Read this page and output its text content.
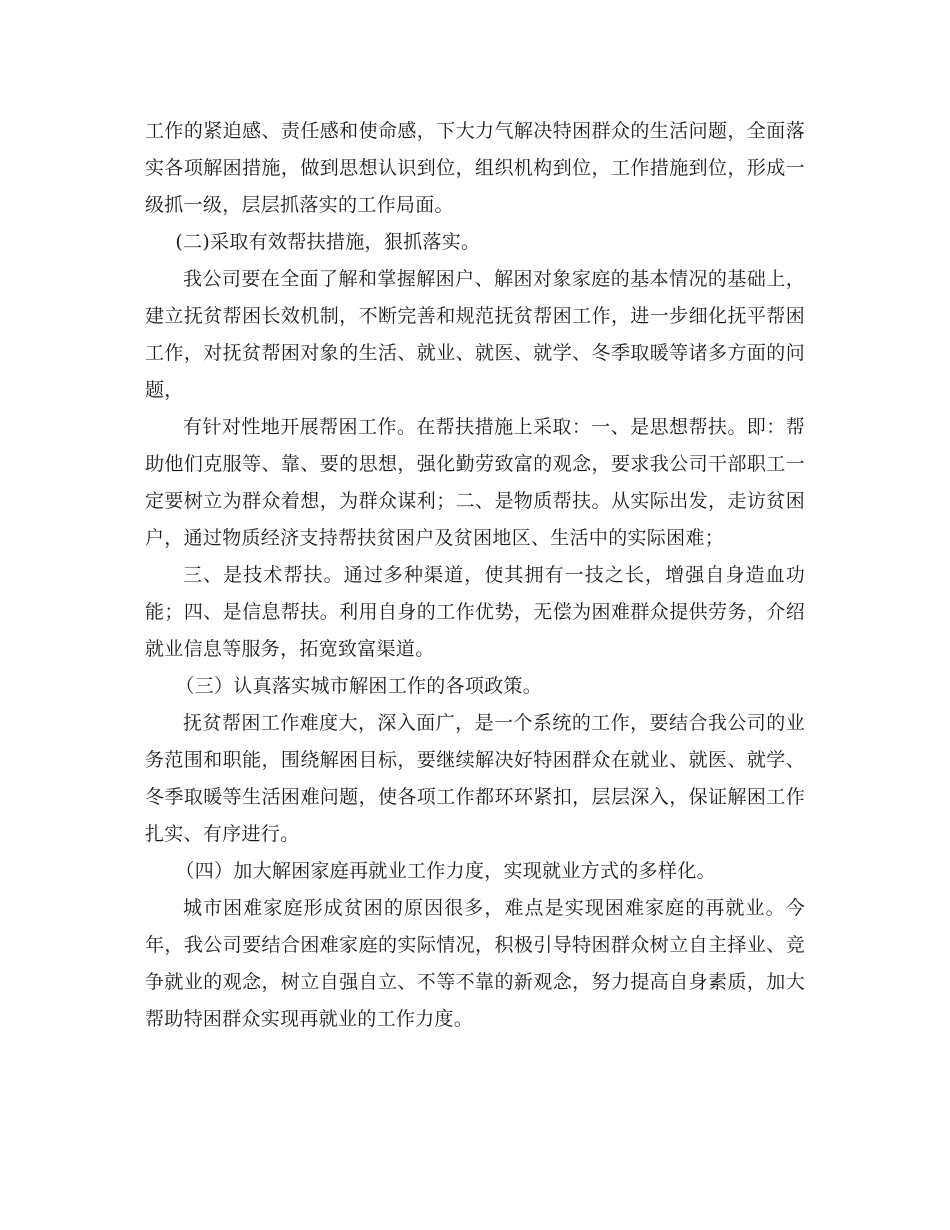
工作的紧迫感、责任感和使命感，下大力气解决特困群众的生活问题，全面落实各项解困措施，做到思想认识到位，组织机构到位，工作措施到位，形成一级抓一级，层层抓落实的工作局面。

(二)采取有效帮扶措施，狠抓落实。

我公司要在全面了解和掌握解困户、解困对象家庭的基本情况的基础上，建立抚贫帮困长效机制，不断完善和规范抚贫帮困工作，进一步细化抚平帮困工作，对抚贫帮困对象的生活、就业、就医、就学、冬季取暖等诸多方面的问题，

有针对性地开展帮困工作。在帮扶措施上采取：一、是思想帮扶。即：帮助他们克服等、靠、要的思想，强化勤劳致富的观念，要求我公司干部职工一定要树立为群众着想，为群众谋利；二、是物质帮扶。从实际出发，走访贫困户，通过物质经济支持帮扶贫困户及贫困地区、生活中的实际困难；

三、是技术帮扶。通过多种渠道，使其拥有一技之长，增强自身造血功能；四、是信息帮扶。利用自身的工作优势，无偿为困难群众提供劳务，介绍就业信息等服务，拓宽致富渠道。

（三）认真落实城市解困工作的各项政策。

抚贫帮困工作难度大，深入面广，是一个系统的工作，要结合我公司的业务范围和职能，围绕解困目标，要继续解决好特困群众在就业、就医、就学、冬季取暖等生活困难问题，使各项工作都环环紧扣，层层深入，保证解困工作扎实、有序进行。

（四）加大解困家庭再就业工作力度，实现就业方式的多样化。

城市困难家庭形成贫困的原因很多，难点是实现困难家庭的再就业。今年，我公司要结合困难家庭的实际情况，积极引导特困群众树立自主择业、竞争就业的观念，树立自强自立、不等不靠的新观念，努力提高自身素质，加大帮助特困群众实现再就业的工作力度。
